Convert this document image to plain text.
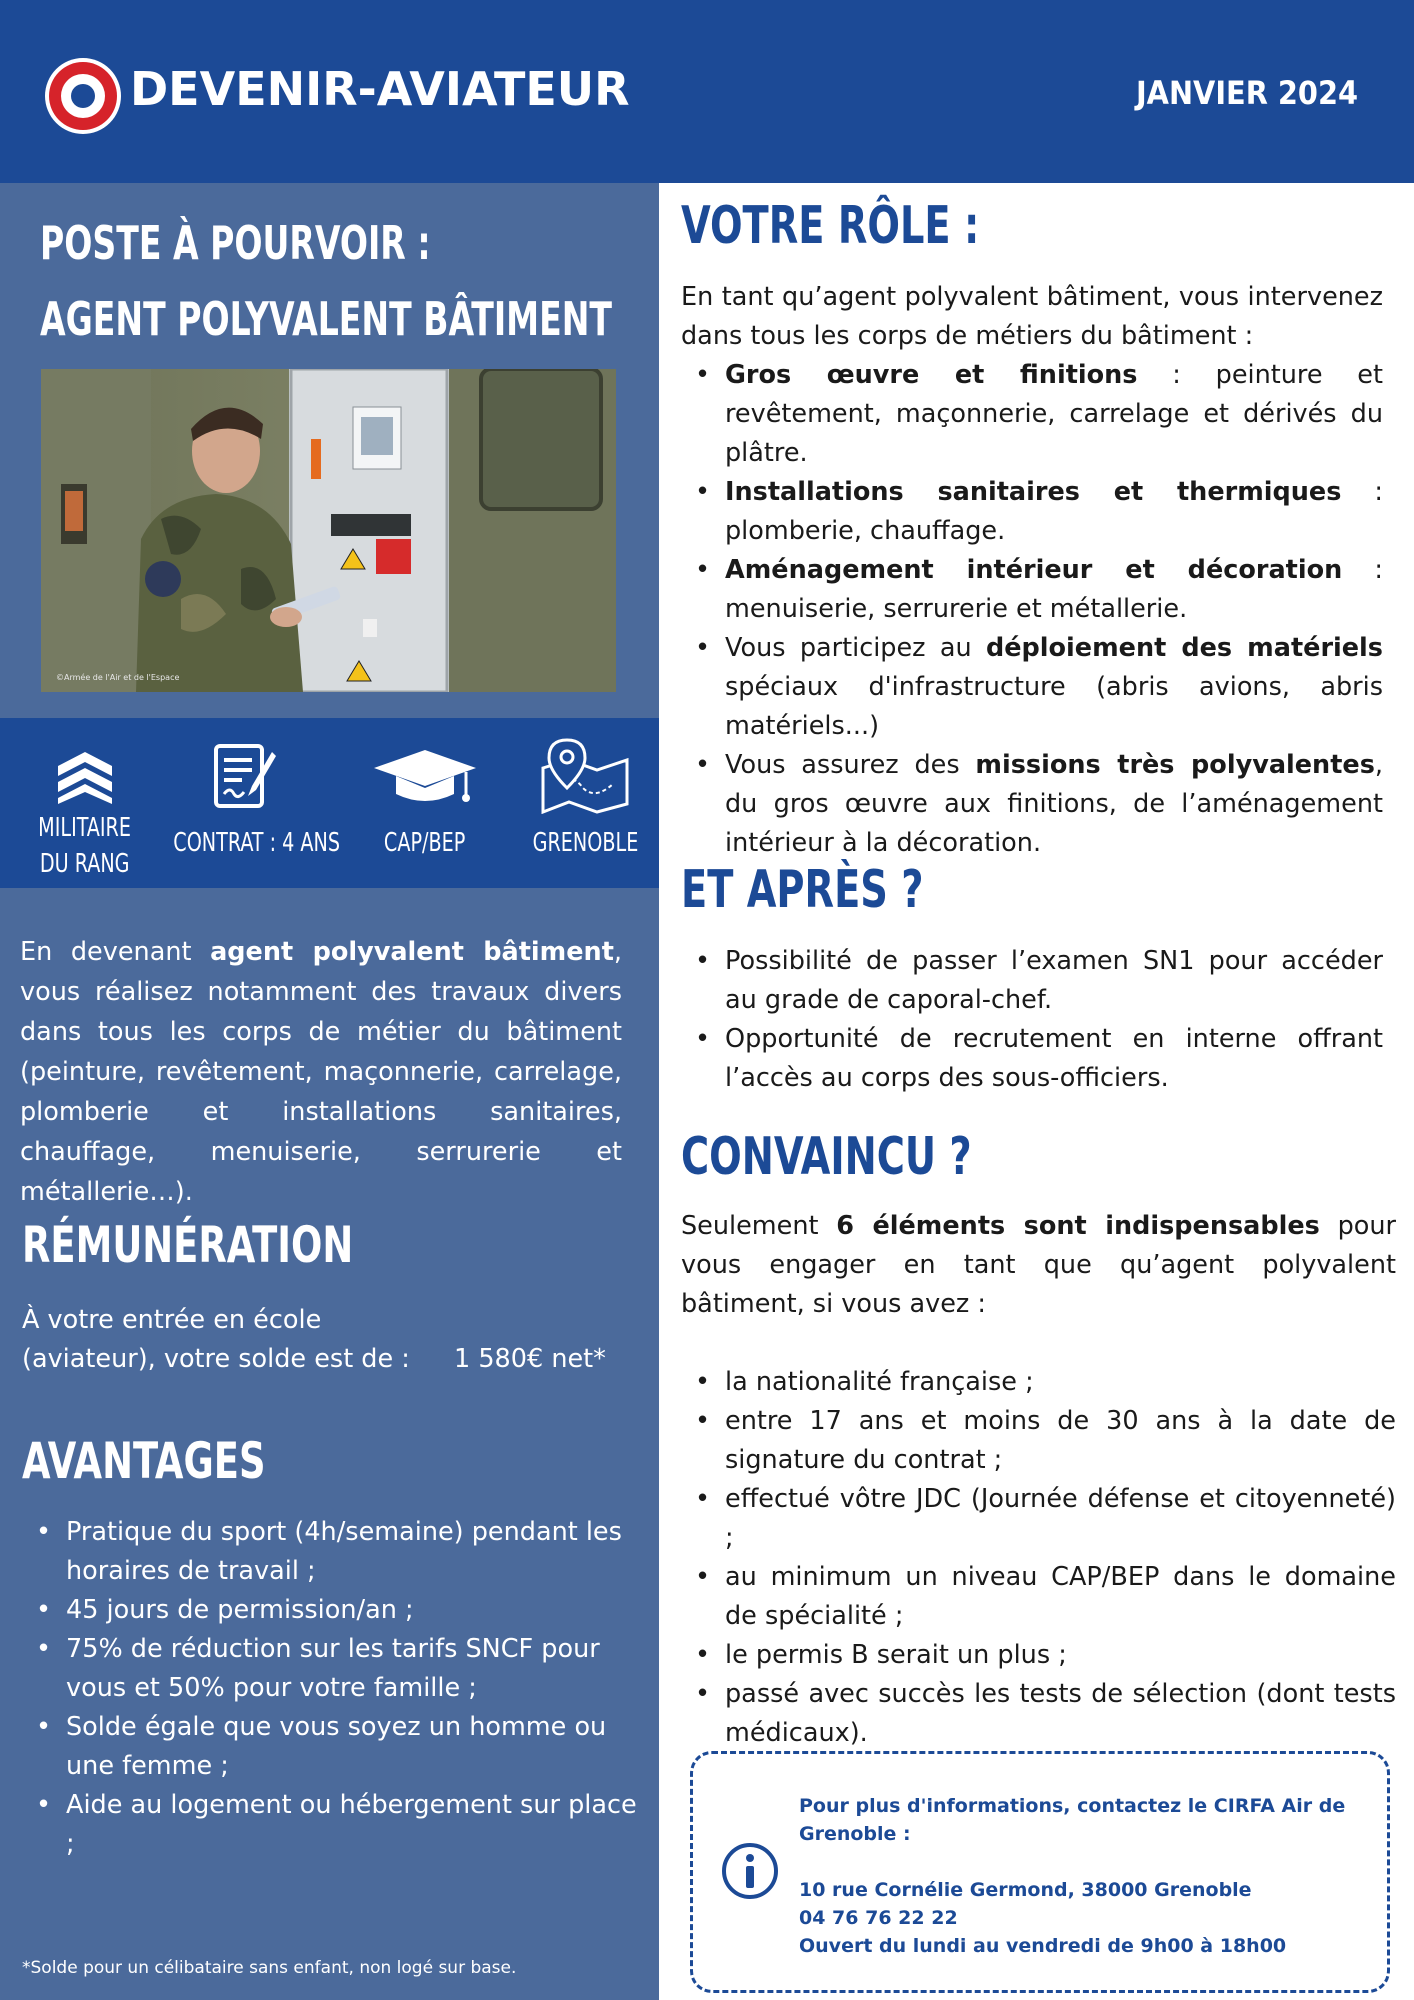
DEVENIR-AVIATEUR	JANVIER 2024
POSTE À POURVOIR :
AGENT POLYVALENT BÂTIMENT
©Armée de l'Air et de l'Espace
MILITAIRE
DU RANG
CONTRAT : 4 ANS	CAP/BEP	GRENOBLE
En devenant agent polyvalent bâtiment, vous réalisez notamment des travaux divers dans tous les corps de métier du bâtiment (peinture, revêtement, maçonnerie, carrelage, plomberie et installations sanitaires, chauffage, menuiserie, serrurerie et métallerie…).
RÉMUNÉRATION
À votre entrée en école
(aviateur), votre solde est de : 1 580€ net*
AVANTAGES
• Pratique du sport (4h/semaine) pendant les horaires de travail ;
• 45 jours de permission/an ;
• 75% de réduction sur les tarifs SNCF pour vous et 50% pour votre famille ;
• Solde égale que vous soyez un homme ou une femme ;
• Aide au logement ou hébergement sur place ;
*Solde pour un célibataire sans enfant, non logé sur base.
VOTRE RÔLE :
En tant qu’agent polyvalent bâtiment, vous intervenez dans tous les corps de métiers du bâtiment :
• Gros œuvre et finitions : peinture et revêtement, maçonnerie, carrelage et dérivés du plâtre.
• Installations sanitaires et thermiques : plomberie, chauffage.
• Aménagement intérieur et décoration : menuiserie, serrurerie et métallerie.
• Vous participez au déploiement des matériels spéciaux d'infrastructure (abris avions, abris matériels...)
• Vous assurez des missions très polyvalentes, du gros œuvre aux finitions, de l’aménagement intérieur à la décoration.
ET APRÈS ?
• Possibilité de passer l’examen SN1 pour accéder au grade de caporal-chef.
• Opportunité de recrutement en interne offrant l’accès au corps des sous-officiers.
CONVAINCU ?
Seulement 6 éléments sont indispensables pour vous engager en tant que qu’agent polyvalent bâtiment, si vous avez :
• la nationalité française ;
• entre 17 ans et moins de 30 ans à la date de signature du contrat ;
• effectué vôtre JDC (Journée défense et citoyenneté) ;
• au minimum un niveau CAP/BEP dans le domaine de spécialité ;
• le permis B serait un plus ;
• passé avec succès les tests de sélection (dont tests médicaux).
Pour plus d'informations, contactez le CIRFA Air de Grenoble :
10 rue Cornélie Germond, 38000 Grenoble
04 76 76 22 22
Ouvert du lundi au vendredi de 9h00 à 18h00
